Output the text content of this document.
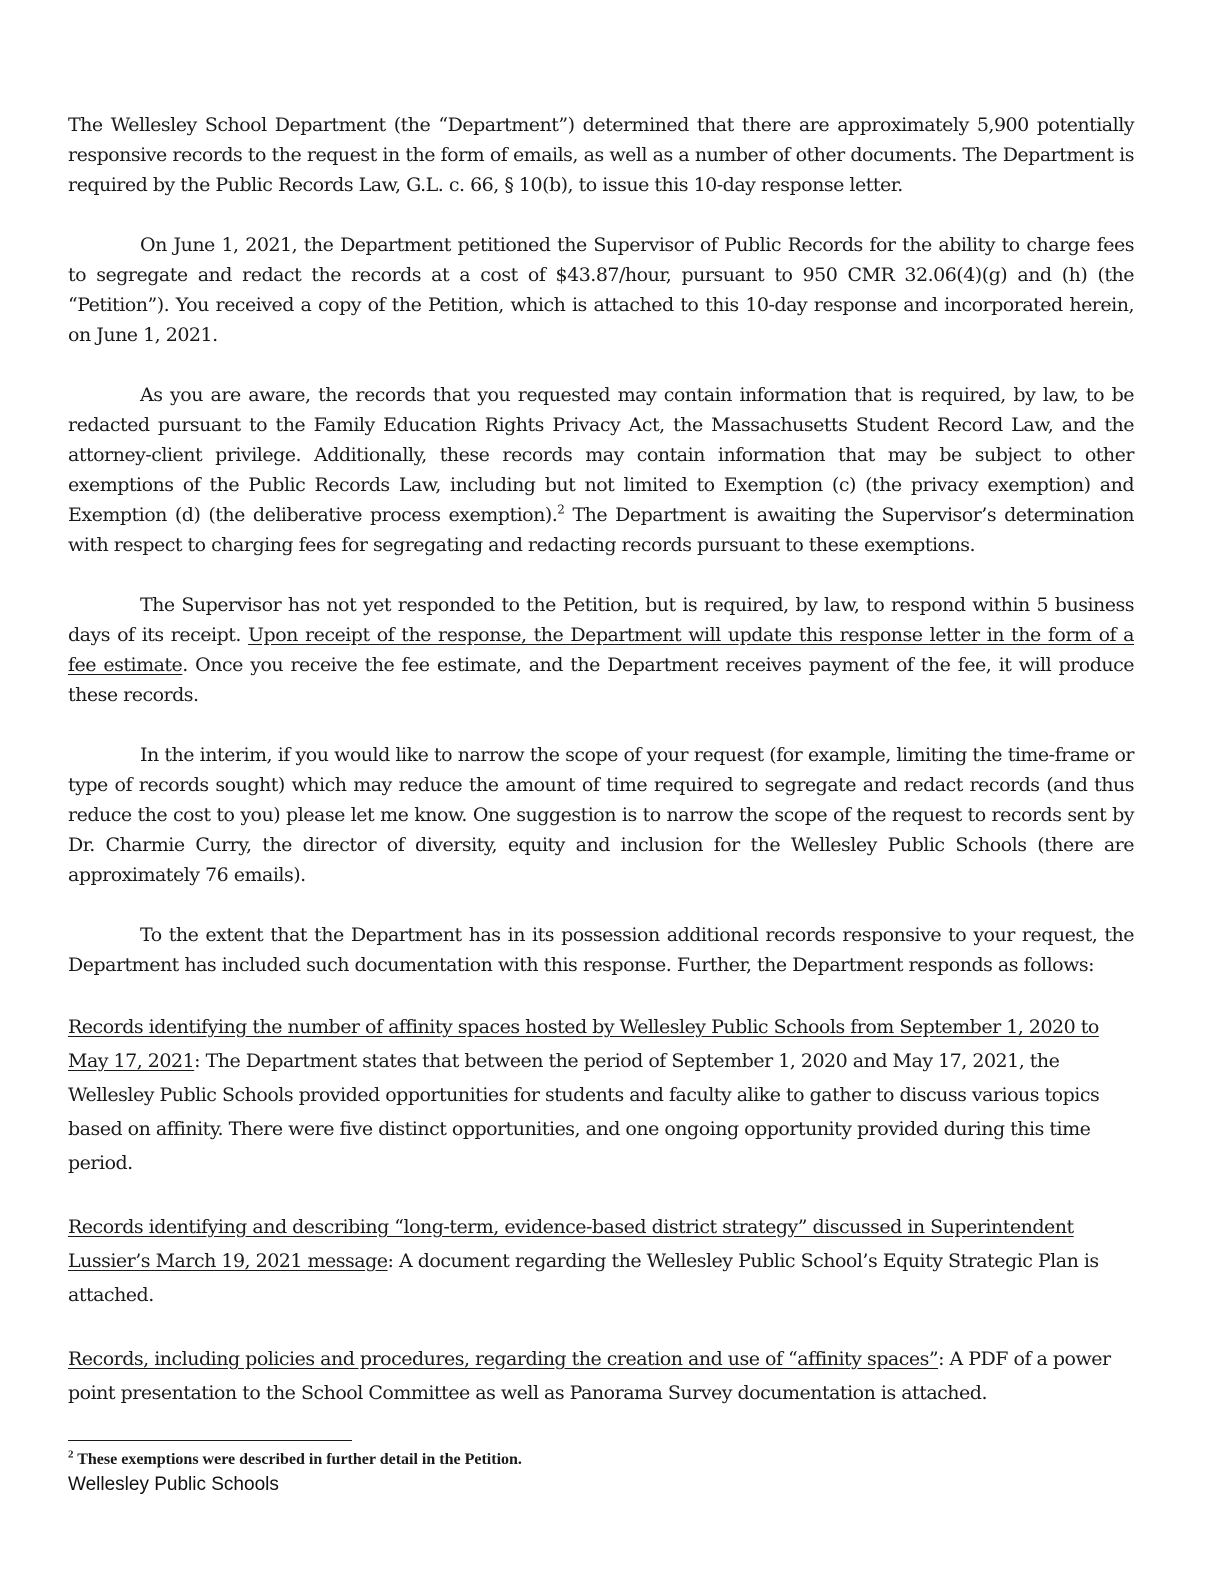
The Wellesley School Department (the “Department”) determined that there are approximately 5,900 potentially responsive records to the request in the form of emails, as well as a number of other documents. The Department is required by the Public Records Law, G.L. c. 66, § 10(b), to issue this 10-day response letter.

On June 1, 2021, the Department petitioned the Supervisor of Public Records for the ability to charge fees to segregate and redact the records at a cost of $43.87/hour, pursuant to 950 CMR 32.06(4)(g) and (h) (the “Petition”). You received a copy of the Petition, which is attached to this 10-day response and incorporated herein, on June 1, 2021.

As you are aware, the records that you requested may contain information that is required, by law, to be redacted pursuant to the Family Education Rights Privacy Act, the Massachusetts Student Record Law, and the attorney-client privilege. Additionally, these records may contain information that may be subject to other exemptions of the Public Records Law, including but not limited to Exemption (c) (the privacy exemption) and Exemption (d) (the deliberative process exemption).$^2$ The Department is awaiting the Supervisor’s determination with respect to charging fees for segregating and redacting records pursuant to these exemptions.

The Supervisor has not yet responded to the Petition, but is required, by law, to respond within 5 business days of its receipt. Upon receipt of the response, the Department will update this response letter in the form of a fee estimate. Once you receive the fee estimate, and the Department receives payment of the fee, it will produce these records.

In the interim, if you would like to narrow the scope of your request (for example, limiting the time-frame or type of records sought) which may reduce the amount of time required to segregate and redact records (and thus reduce the cost to you) please let me know. One suggestion is to narrow the scope of the request to records sent by Dr. Charmie Curry, the director of diversity, equity and inclusion for the Wellesley Public Schools (there are approximately 76 emails).

To the extent that the Department has in its possession additional records responsive to your request, the Department has included such documentation with this response. Further, the Department responds as follows:

Records identifying the number of affinity spaces hosted by Wellesley Public Schools from September 1, 2020 to May 17, 2021: The Department states that between the period of September 1, 2020 and May 17, 2021, the Wellesley Public Schools provided opportunities for students and faculty alike to gather to discuss various topics based on affinity. There were five distinct opportunities, and one ongoing opportunity provided during this time period.

Records identifying and describing “long-term, evidence-based district strategy” discussed in Superintendent Lussier’s March 19, 2021 message: A document regarding the Wellesley Public School’s Equity Strategic Plan is attached.

Records, including policies and procedures, regarding the creation and use of “affinity spaces”: A PDF of a power point presentation to the School Committee as well as Panorama Survey documentation is attached.

$^2$ These exemptions were described in further detail in the Petition.
Wellesley Public Schools
